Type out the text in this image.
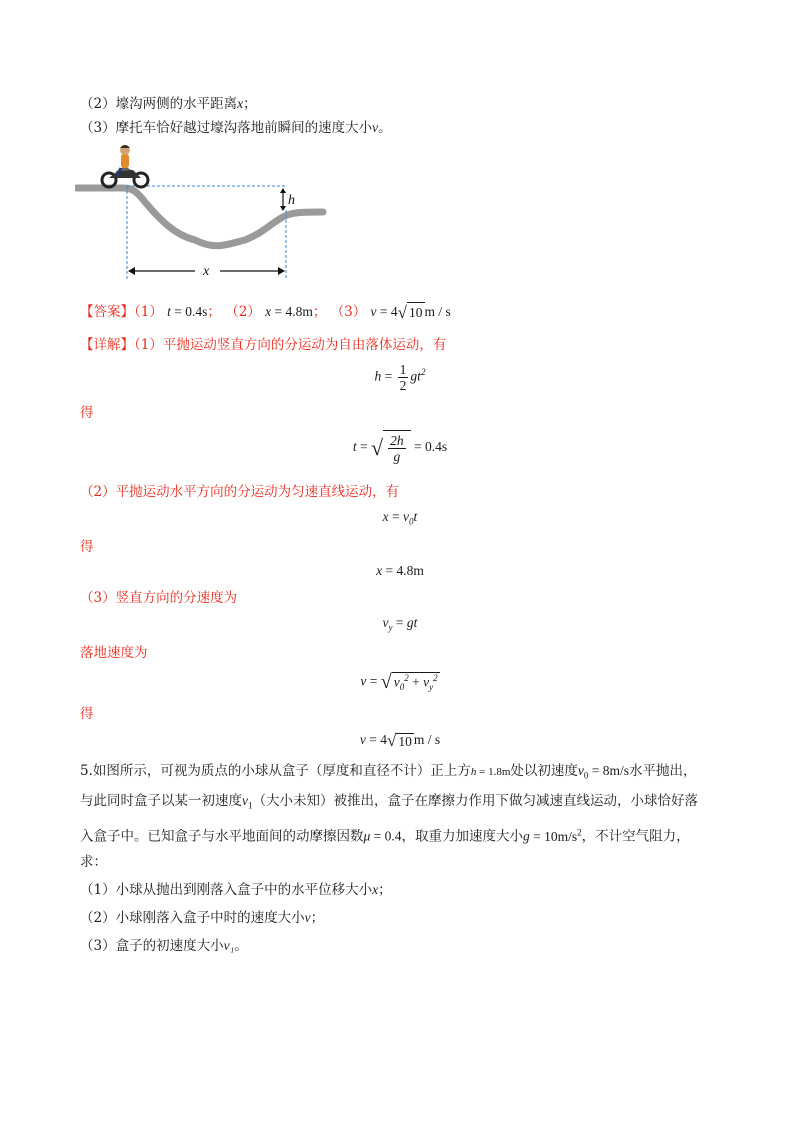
（2）壕沟两侧的水平距离x；
（3）摩托车恰好越过壕沟落地前瞬间的速度大小v。
h
x
【答案】（1） t = 0.4s； （2） x = 4.8m； （3） v = 4√ 10 m / s
【详解】（1）平抛运动竖直方向的分运动为自由落体运动，有
$h = \frac{1}{2} gt^2$
得
t = √ $\frac{2h}{g} = 0.4s$
（2）平抛运动水平方向的分运动为匀速直线运动，有
$x = v_0t$
得
x = 4.8m
（3）竖直方向的分速度为
$v_y$ = gt
落地速度为
v = √ $v_0^2 + v_y^2$
得
v = 4√ 10 m / s
5.如图所示，可视为质点的小球从盒子（厚度和直径不计）正上方h = 1.8m处以初速度$v_0 = 8m/s$水平抛出，
与此同时盒子以某一初速度$v_1$（大小未知）被推出，盒子在摩擦力作用下做匀减速直线运动，小球恰好落
入盒子中。已知盒子与水平地面间的动摩擦因数μ = 0.4，取重力加速度大小$g = 10m/s^2$，不计空气阻力，
求：
（1）小球从抛出到刚落入盒子中的水平位移大小x；
（2）小球刚落入盒子中时的速度大小v；
（3）盒子的初速度大小v₁。
